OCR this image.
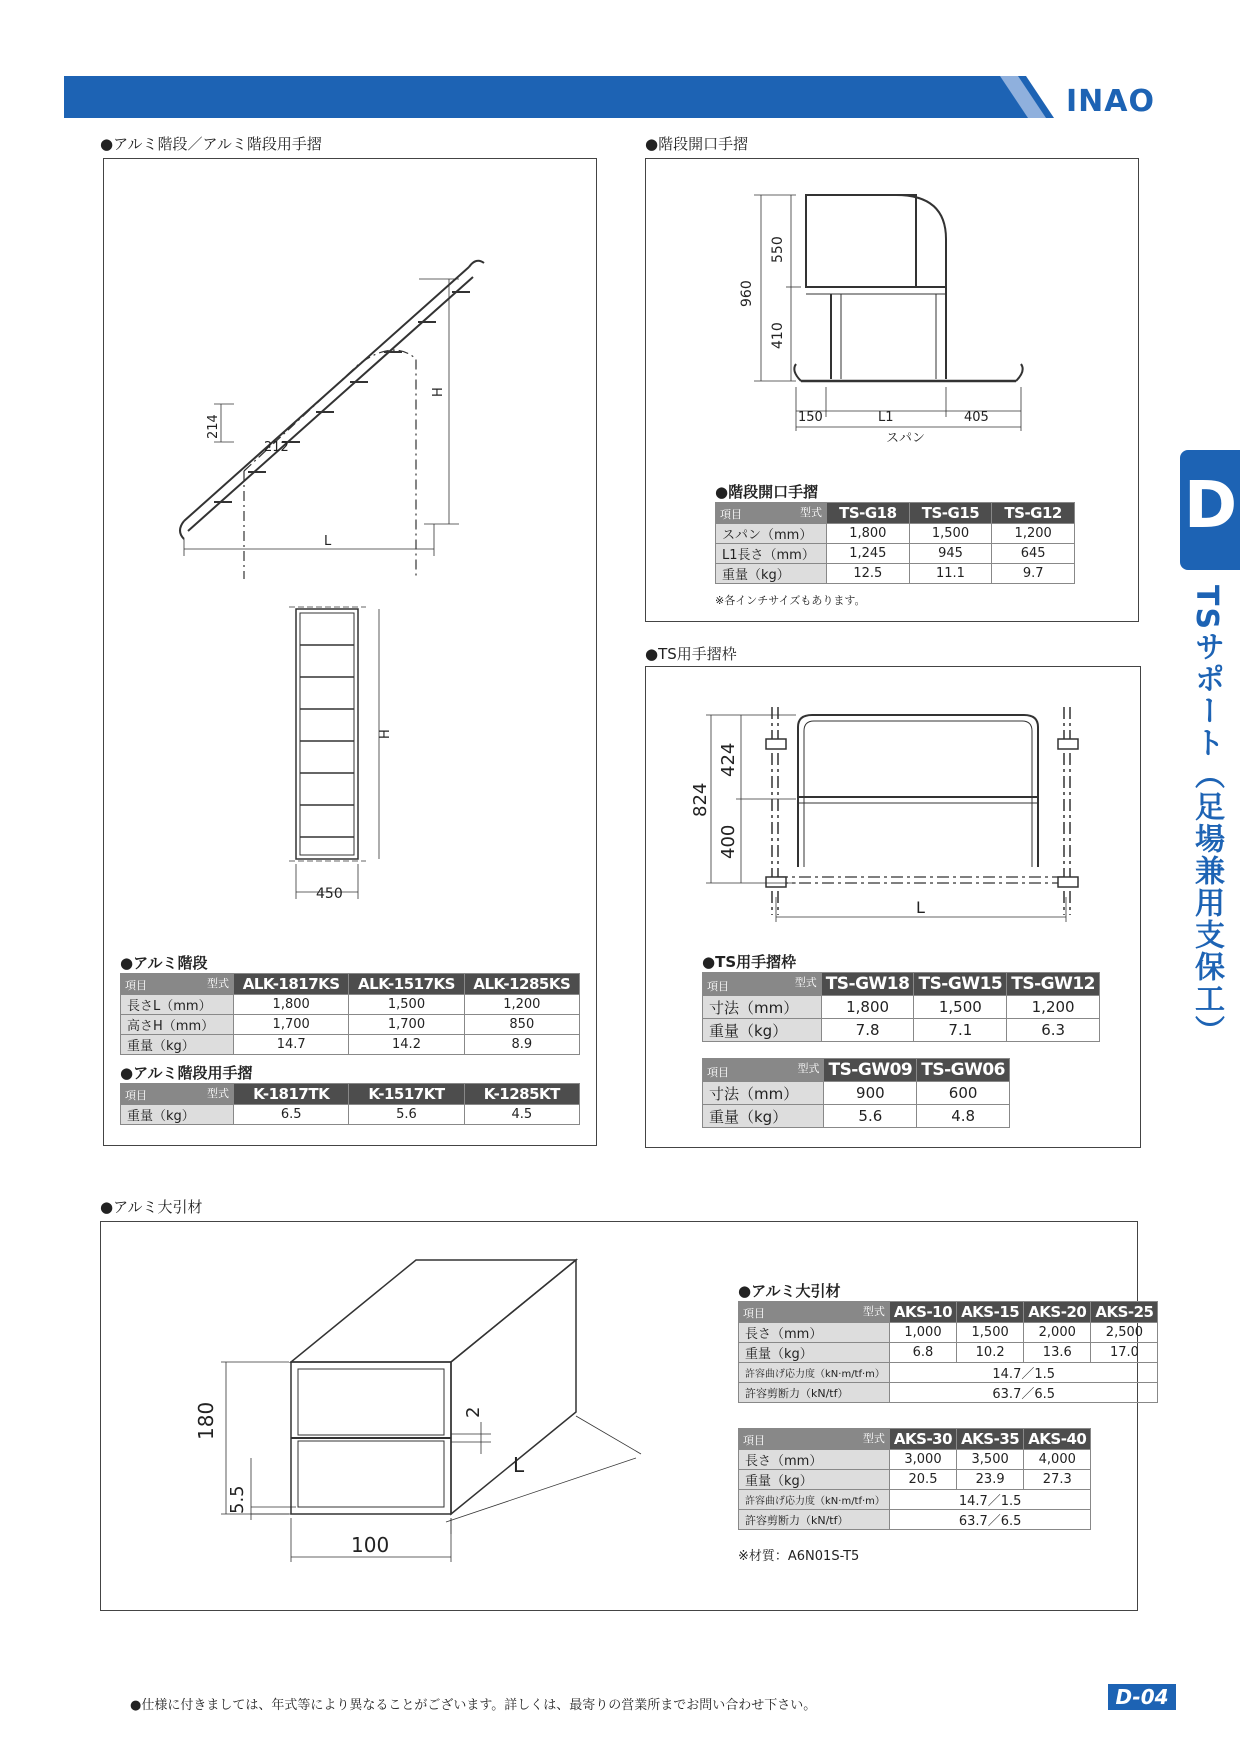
INAO
D
TSサポート（足場兼用支保工）
●アルミ階段／アルミ階段用手摺
H
L
214
212
H
450
●アルミ階段
型式
項目	ALK-1817KS	ALK-1517KS	ALK-1285KS
長さL（mm）	1,800	1,500	1,200
高さH（mm）	1,700	1,700	850
重量（kg）	14.7	14.2	8.9
●アルミ階段用手摺
型式
項目	K-1817TK	K-1517KT	K-1285KT
重量（kg）	6.5	5.6	4.5
●階段開口手摺
960
550
410
150	L1	405
スパン
●階段開口手摺
型式
項目	TS-G18	TS-G15	TS-G12
スパン（mm）	1,800	1,500	1,200
L1長さ（mm）	1,245	945	645
重量（kg）	12.5	11.1	9.7
※各インチサイズもあります。
●TS用手摺枠
824
424
400
L
●TS用手摺枠
型式
項目	TS-GW18	TS-GW15	TS-GW12
寸法（mm）	1,800	1,500	1,200
重量（kg）	7.8	7.1	6.3
型式
項目	TS-GW09	TS-GW06
寸法（mm）	900	600
重量（kg）	5.6	4.8
●アルミ大引材
180
5.5
2
100
L
●アルミ大引材
型式
項目	AKS-10	AKS-15	AKS-20	AKS-25
長さ（mm）	1,000	1,500	2,000	2,500
重量（kg）	6.8	10.2	13.6	17.0
許容曲げ応力度（kN·m/tf·m）	14.7／1.5			
許容剪断力（kN/tf）	63.7／6.5			
型式
項目	AKS-30	AKS-35	AKS-40
長さ（mm）	3,000	3,500	4,000
重量（kg）	20.5	23.9	27.3
許容曲げ応力度（kN·m/tf·m）	14.7／1.5		
許容剪断力（kN/tf）	63.7／6.5		
※材質：A6N01S-T5
●仕様に付きましては、年式等により異なることがございます。詳しくは、最寄りの営業所までお問い合わせ下さい。	D-04
